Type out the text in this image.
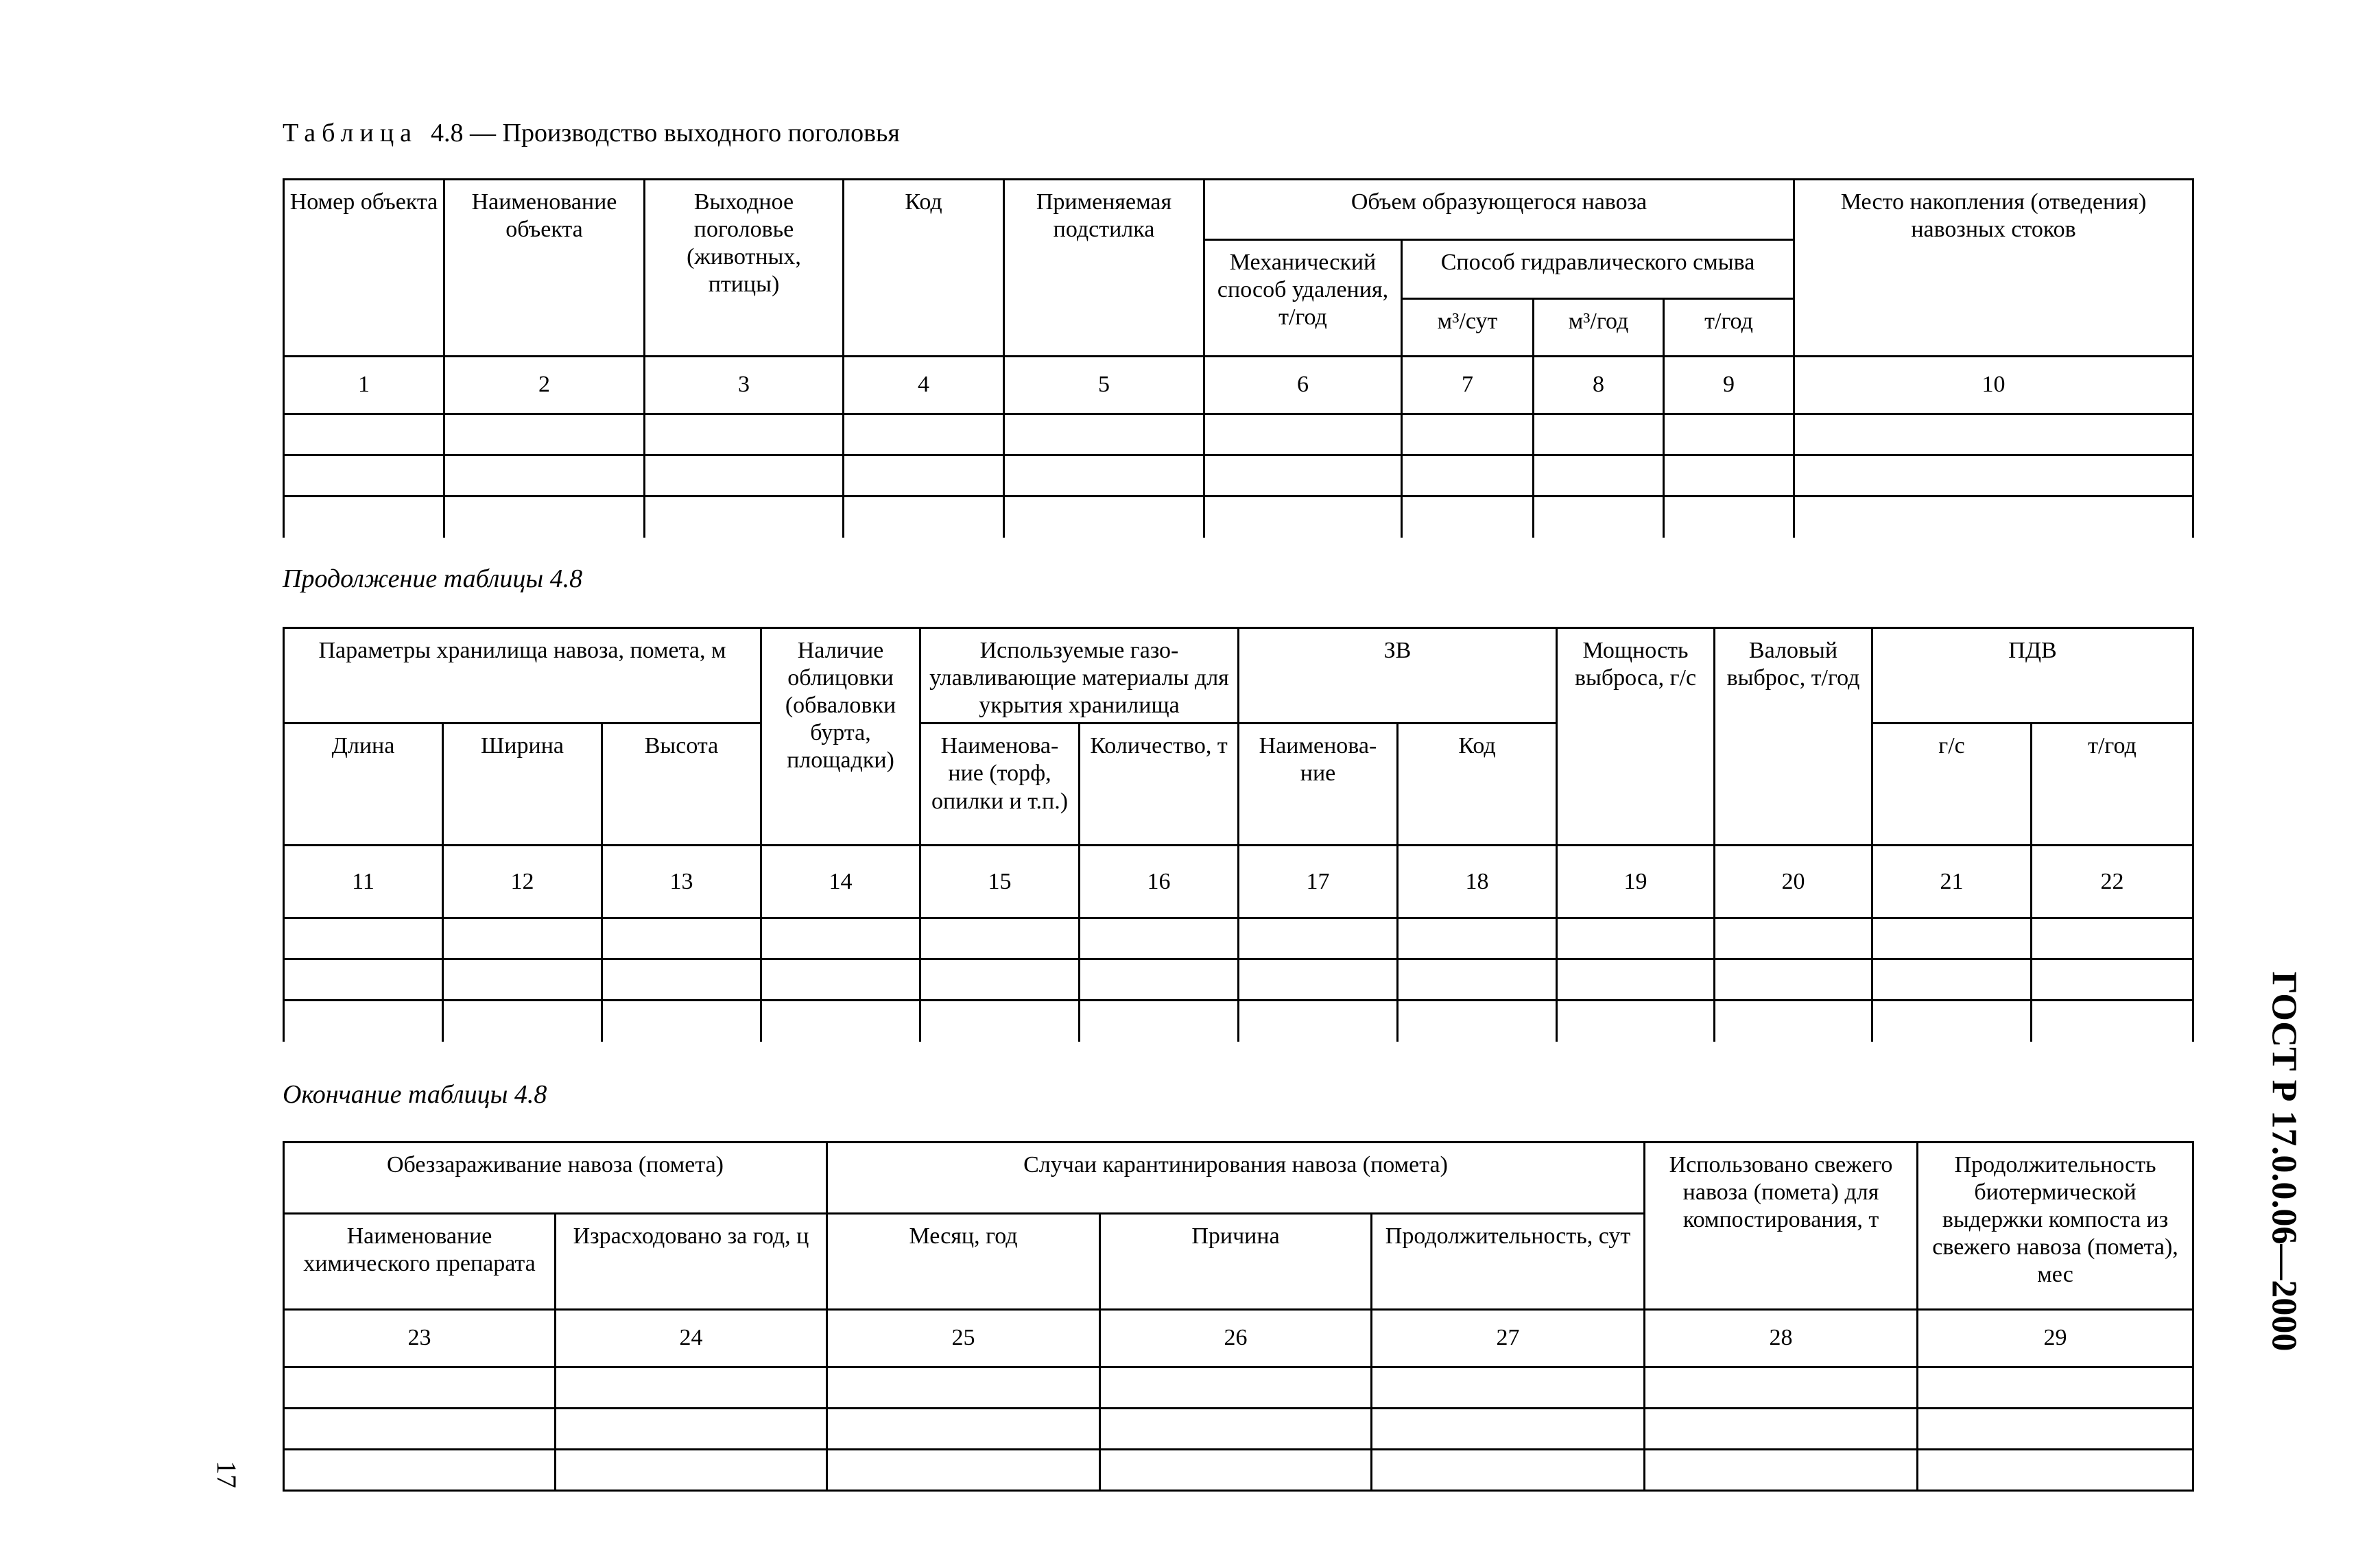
Таблица 4.8 — Производство выходного поголовья
Номер объекта	Наименование объекта	Выходное поголовье (животных, птицы)	Код	Применяемая подстилка	Объем образующегося навоза				Место накопления (отведения) навозных стоков
					Механический способ удаления, т/год	Способ гидравлического смыва			
						м³/сут	м³/год	т/год	
1	2	3	4	5	6	7	8	9	10

Продолжение таблицы 4.8
Параметры хранилища навоза, помета, м			Наличие облицовки (обваловки бурта, площадки)	Используемые газо-улавливающие материалы для укрытия хранилища		ЗВ		Мощность выброса, г/с	Валовый выброс, т/год	ПДВ	
Длина	Ширина	Высота		Наименова-ние (торф, опилки и т.п.)	Количество, т	Наименова-ние	Код			г/с	т/год
11	12	13	14	15	16	17	18	19	20	21	22

Окончание таблицы 4.8
Обеззараживание навоза (помета)		Случаи карантинирования навоза (помета)			Использовано свежего навоза (помета) для компостирования, т	Продолжительность биотермической выдержки компоста из свежего навоза (помета), мес
Наименование химического препарата	Израсходовано за год, ц	Месяц, год	Причина	Продолжительность, сут		
23	24	25	26	27	28	29

17
ГОСТ Р 17.0.0.06—2000
